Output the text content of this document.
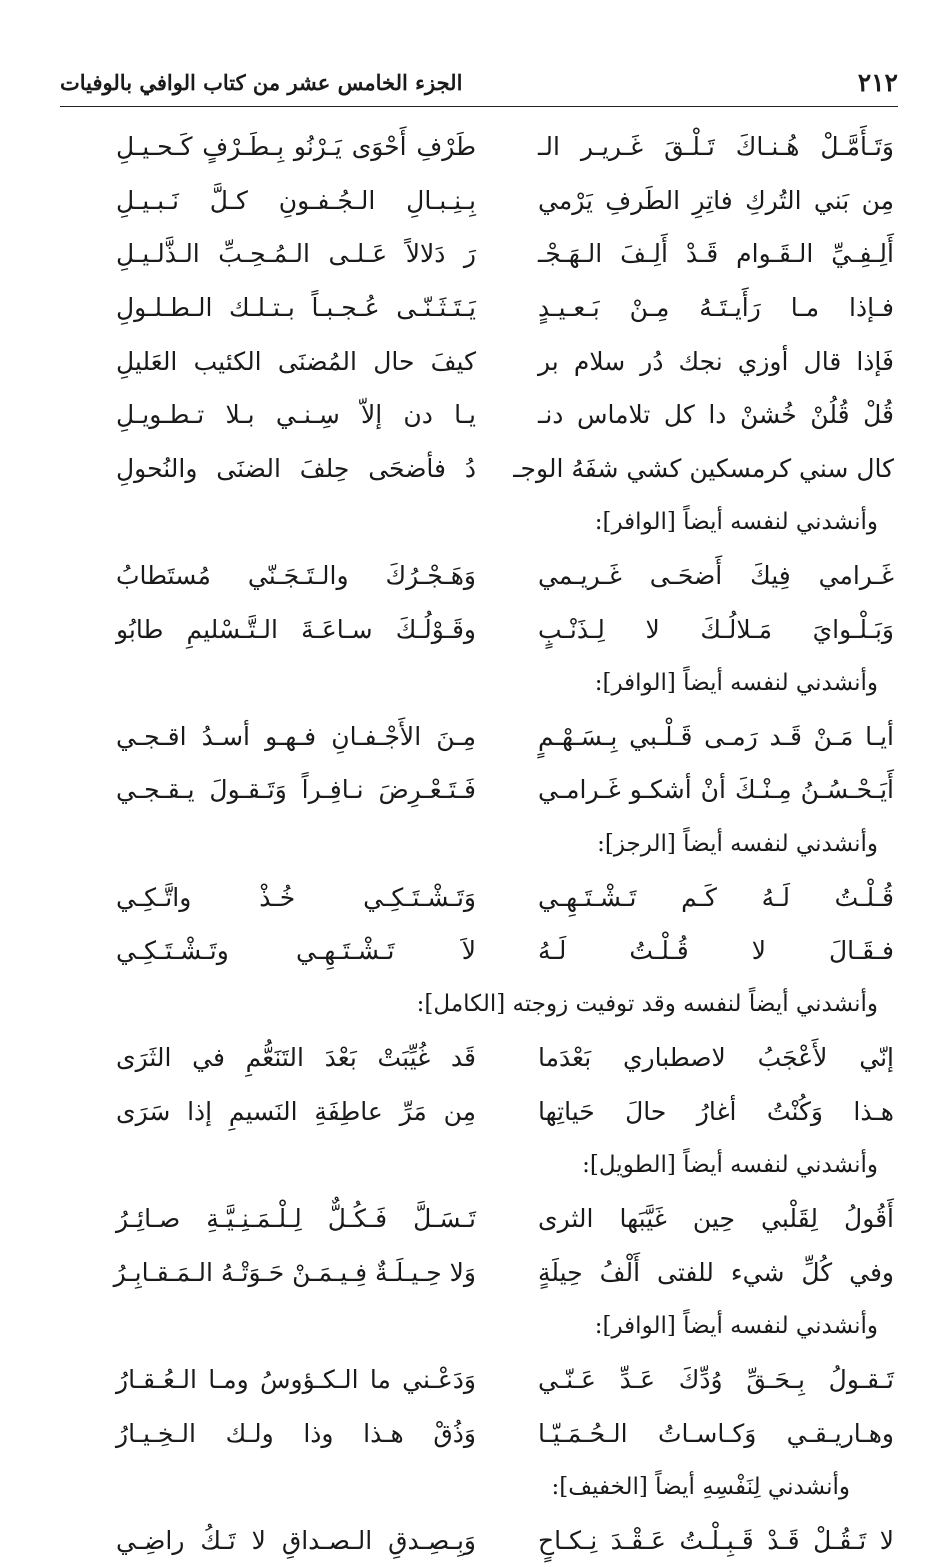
٢١٢
الجزء الخامس عشر من كتاب الوافي بالوفيات
وَتَـأَمَّـلْ هُـنـاكَ تَـلْـقَ غَـريـر الـ
طَرْفِ أَحْوَى يَـرْنُو بِـطَـرْفٍ كَـحـيـلِ
مِن بَني التُركِ فاتِرِ الطَرفِ يَرْمي
بِـنِـبـالِ الـجُـفـونِ كـلَّ نَـبـيـلِ
أَلِـفِـيِّ الـقَـوام قَـدْ أَلِـفَ الـهَـجْـ
رَ دَلالاً عَـلـى الـمُـحِـبِّ الـذَّلـيـلِ
فـإذا مـا رَأَيـتَـهُ مِـنْ بَـعـيـدٍ
يَـتَـثَـنّـى عُـجـبـاً بـتـلـك الـطـلـولِ
فَإذا قال أوزي نجك دُر سلام بر
كيفَ حال المُضنَى الكئيب العَليلِ
قُلْ قُلُنْ خُشنْ دا كل تلاماس دنـ
يـا دن إلاّ سِـنـي بـلا تـطـويـلِ
كال سني كرمسكين كشي شفَهُ الوجـ
دُ فأضحَى حِلفَ الضنَى والنُحولِ
وأنشدني لنفسه أيضاً [الوافر]:
غَـرامي فِيكَ أَضحَـى غَـريـمي
وَهَـجْـرُكَ والـتَـجَـنّي مُستَطابُ
وَبَـلْـوايَ مَـلالُـكَ لا لِـذَنْـبٍ
وقَـوْلُـكَ سـاعَـةَ الـتَّـسْليمِ طابُو
وأنشدني لنفسه أيضاً [الوافر]:
أيـا مَـنْ قَـد رَمـى قَـلْـبي بِـسَـهْـمٍ
مِـنَ الأَجْـفـانِ فـهـو أسـدُ اقـجـي
أَيَـحْـسُـنُ مِـنْـكَ أنْ أشكـو غَـرامـي
فَـتَـعْـرِضَ نـافِـراً وَتَـقـولَ يـقـجـي
وأنشدني لنفسه أيضاً [الرجز]:
قُـلْـتُ لَـهُ كَـم تَـشْـتَـهِـي
وَتَـشْـتَـكِـي خُـذْ واتَّـكِـي
فـقَـالَ لا قُـلْـتُ لَـهُ
لاَ تَـشْـتَـهِـي وتَـشْـتَـكِـي
وأنشدني أيضاً لنفسه وقد توفيت زوجته [الكامل]:
إنّي لأَعْجَبُ لاصطباري بَعْدَما
قَد غُيِّبَتْ بَعْدَ التَنَعُّمِ في الثَرَى
هـذا وَكُنْتُ أغارُ حالَ حَياتِها
مِن مَرِّ عاطِفَةِ النَسيمِ إذا سَرَى
وأنشدني لنفسه أيضاً [الطويل]:
أَقُولُ لِقَلْبي حِين غَيَّبَها الثرى
تَـسَـلَّ فَـكُـلٌّ لِـلْـمَـنِـيَّـةِ صـائِـرُ
وفي كُلِّ شيء للفتى أَلْفُ حِيلَةٍ
وَلا حِـيـلَـةٌ فِـيـمَـنْ حَـوَتْـهُ الـمَـقـابِـرُ
وأنشدني لنفسه أيضاً [الوافر]:
تَـقـولُ بِـحَـقِّ وُدِّكَ عَـدِّ عَـنّـي
وَدَعْـني ما الـكـؤوسُ ومـا الـعُـقـارُ
وهـاريـقـي وَكـاسـاتُ الـحُـمَـيّـا
وَذُقْ هـذا وذا ولـك الـخِـيـارُ
وأنشدني لِنَفْسِهِ أيضاً [الخفيف]:
لا تَـقُـلْ قَـدْ قَـبِـلْـتُ عَـقْـدَ نِـكـاحٍ
وَبِـصِـدقِ الـصـداقِ لا تَـكُ راضِـي
